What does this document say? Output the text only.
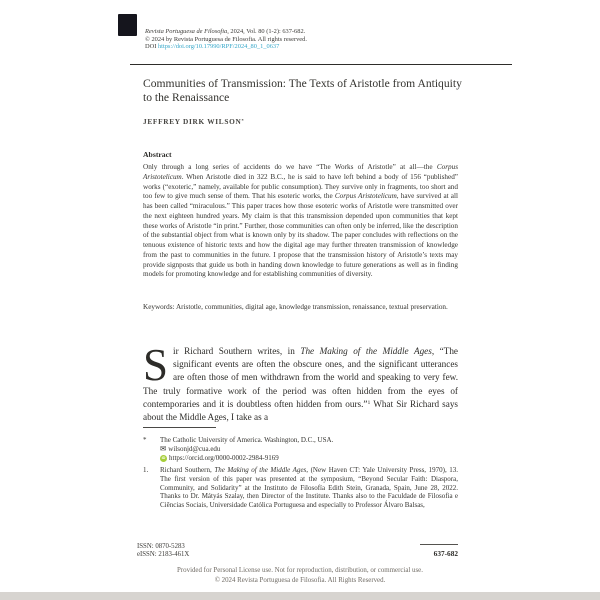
Revista Portuguesa de Filosofia, 2024, Vol. 80 (1-2): 637-682.
© 2024 by Revista Portuguesa de Filosofia. All rights reserved.
DOI https://doi.org/10.17990/RPF/2024_80_1_0637
Communities of Transmission: The Texts of Aristotle from Antiquity to the Renaissance
JEFFREY DIRK WILSON*
Abstract

Only through a long series of accidents do we have “The Works of Aristotle” at all—the Corpus Aristotelicum. When Aristotle died in 322 B.C., he is said to have left behind a body of 156 “published” works (“exoteric,” namely, available for public consumption). They survive only in fragments, too short and too few to give much sense of them. That his esoteric works, the Corpus Aristotelicum, have survived at all has been called “miraculous.” This paper traces how those esoteric works of Aristotle were transmitted over the next eighteen hundred years. My claim is that this transmission depended upon communities that kept these works of Aristotle “in print.” Further, those communities can often only be inferred, like the description of the substantial object from what is known only by its shadow. The paper concludes with reflections on the tenuous existence of historic texts and how the digital age may further threaten transmission of knowledge from the past to communities in the future. I propose that the transmission history of Aristotle’s texts may provide signposts that guide us both in handing down knowledge to future generations as well as in finding models for promoting knowledge and for establishing communities of diversity.

Keywords: Aristotle, communities, digital age, knowledge transmission, renaissance, textual preservation.

Sir Richard Southern writes, in The Making of the Middle Ages, “The significant events are often the obscure ones, and the significant utterances are often those of men withdrawn from the world and speaking to very few. The truly formative work of the period was often hidden from the eyes of contemporaries and it is doubtless often hidden from ours.”$^1$ What Sir Richard says about the Middle Ages, I take as a

*	The Catholic University of America. Washington, D.C., USA.
✉ wilsonjd@cua.edu
iD https://orcid.org/0000-0002-2984-9169
1.	Richard Southern, The Making of the Middle Ages, (New Haven CT: Yale University Press, 1970), 13. The first version of this paper was presented at the symposium, “Beyond Secular Faith: Diaspora, Community, and Solidarity” at the Instituto de Filosofía Edith Stein, Granada, Spain, June 28, 2022. Thanks to Dr. Mátyás Szalay, then Director of the Institute. Thanks also to the Faculdade de Filosofia e Ciências Sociais, Universidade Católica Portuguesa and especially to Professor Álvaro Balsas,
ISSN: 0870-5283
eISSN: 2183-461X	637-682
Provided for Personal License use. Not for reproduction, distribution, or commercial use.
© 2024 Revista Portuguesa de Filosofia. All Rights Reserved.
